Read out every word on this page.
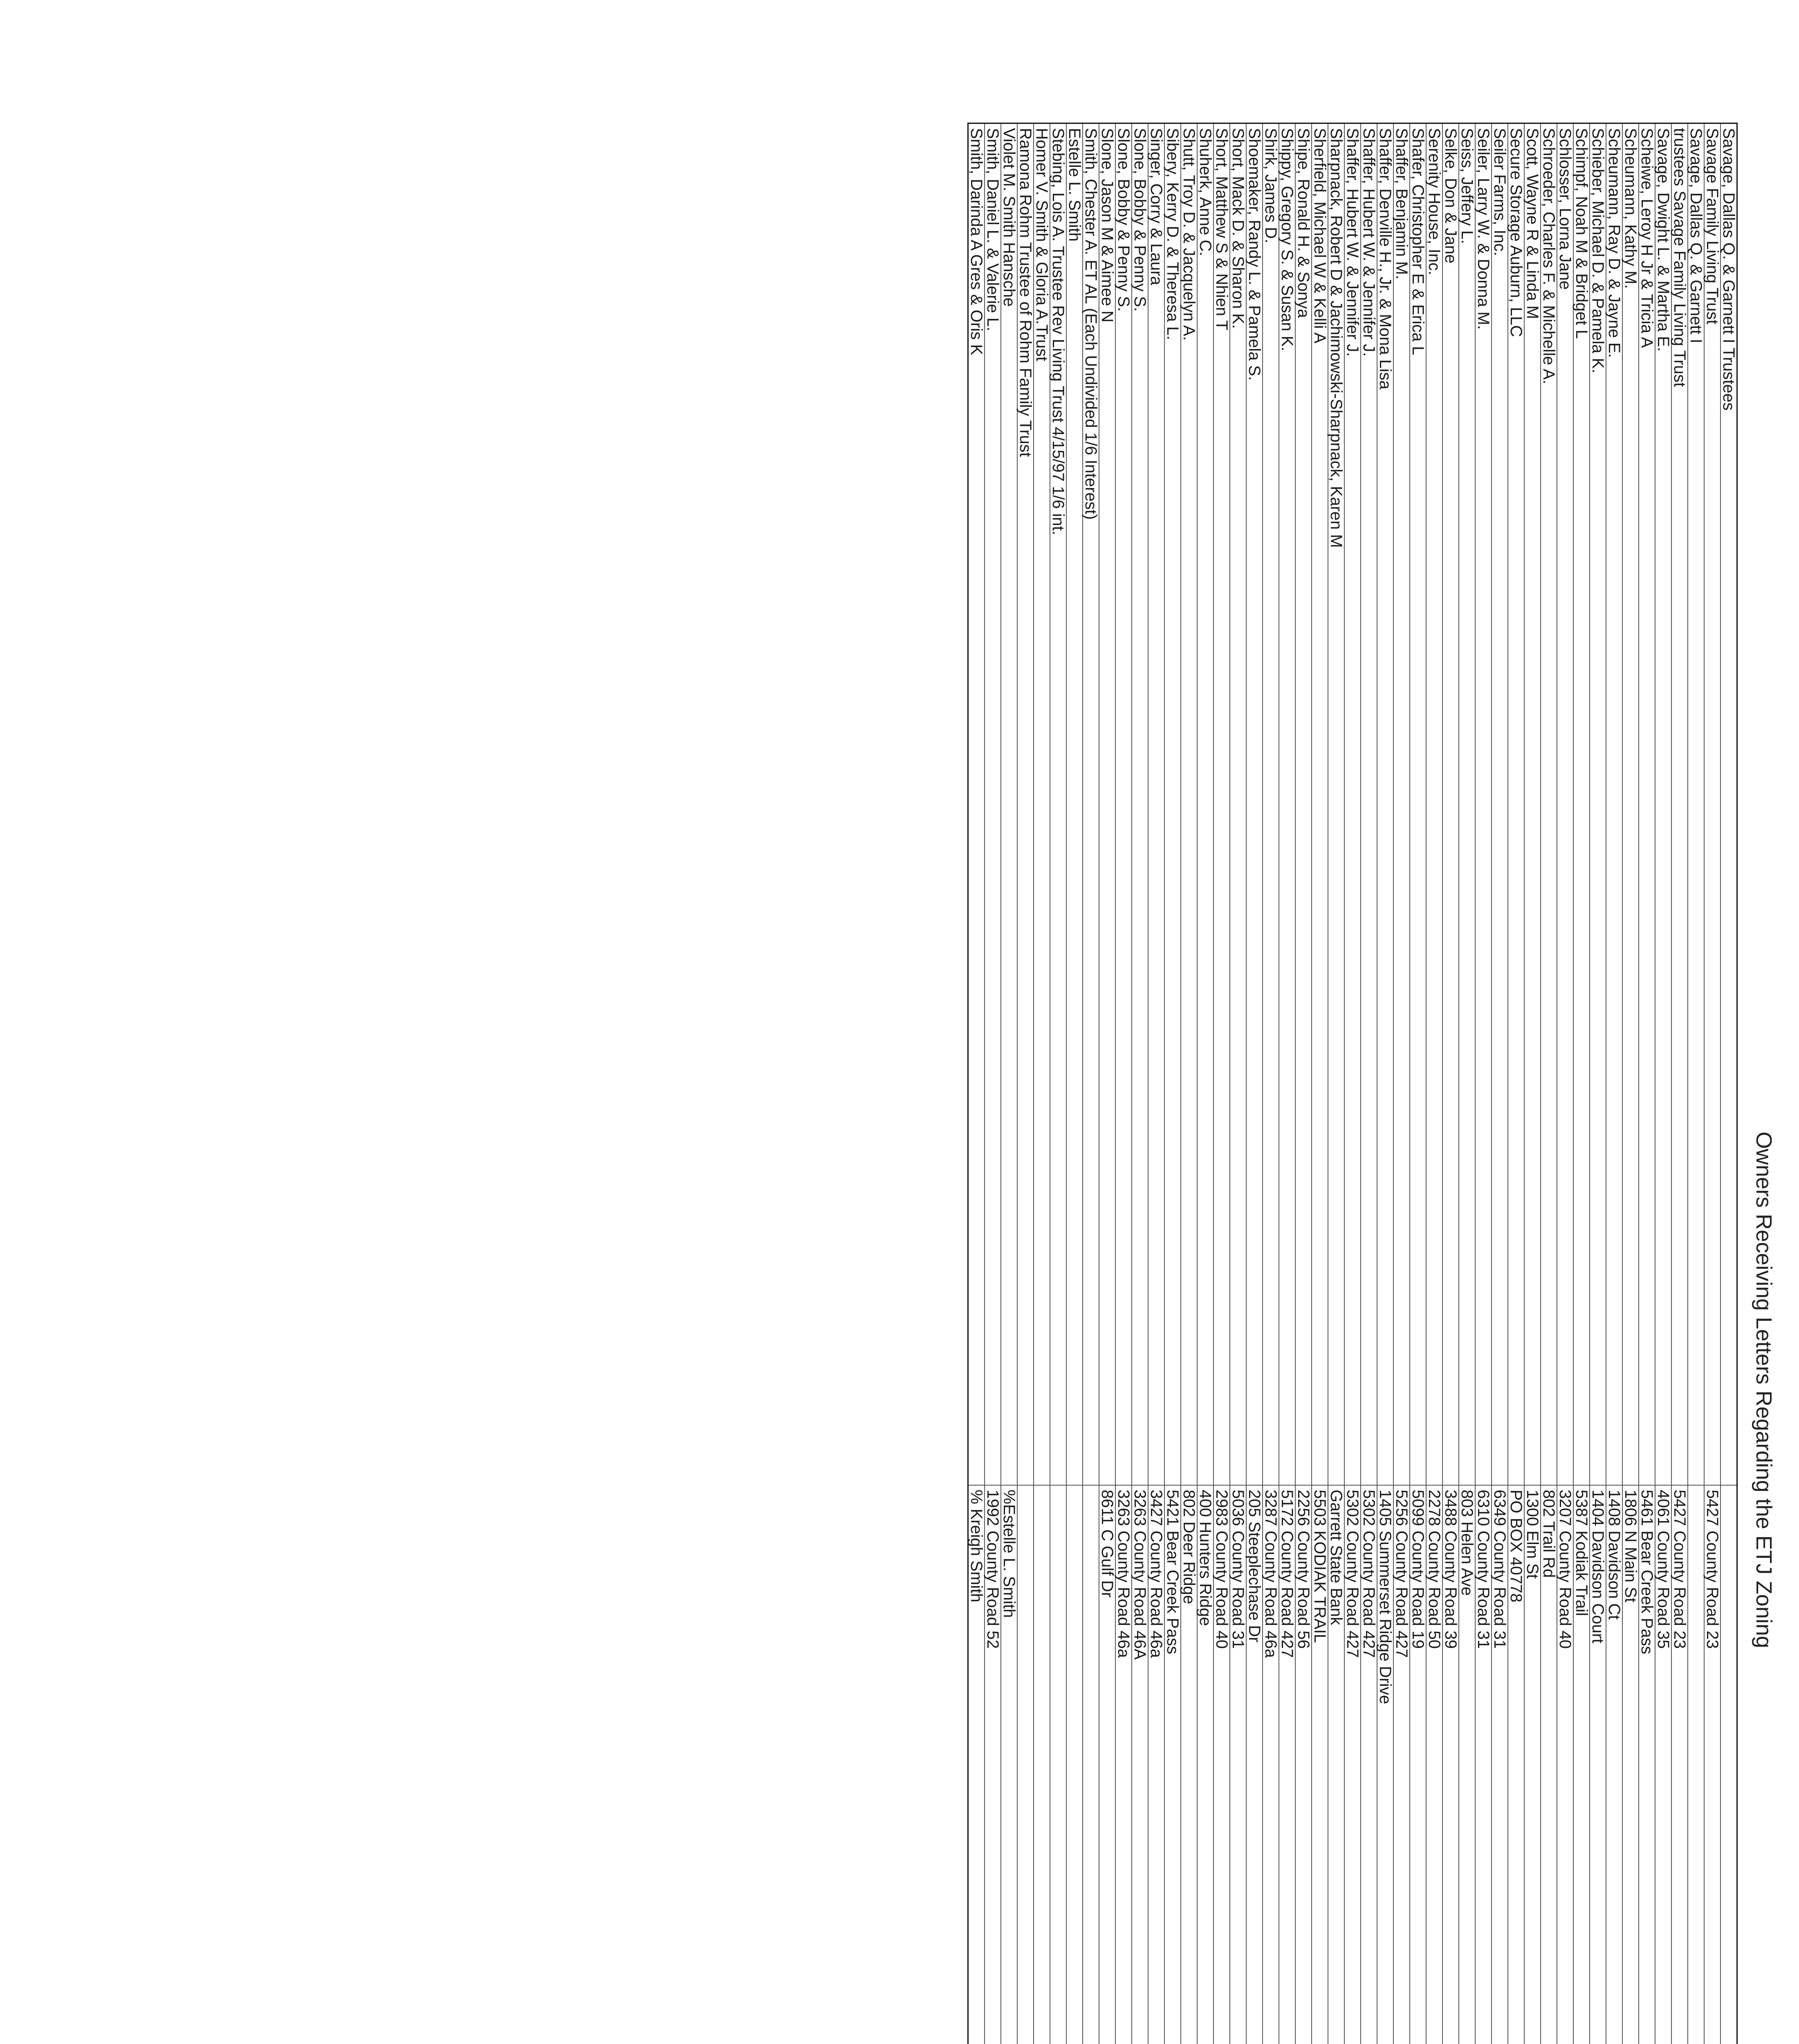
Owners Receiving Letters Regarding the ETJ Zoning
Savage, Dallas Q. & Garnett I Trustees					
Savage Family Living Trust	5427 County Road 23				
Savage, Dallas Q. & Garnett I					
trustees Savage Family Living Trust	5427 County Road 23				
Savage, Dwight L. & Martha E.	4061 County Road 35				
Scheiwe, Leroy H Jr & Tricia A	5461 Bear Creek Pass				
Scheumann, Kathy M.	1806 N Main St				
Scheumann, Ray D. & Jayne E.	1408 Davidson Ct				
Schieber, Michael D. & Pamela K.	1404 Davidson Court				
Schimpf, Noah M & Bridget L	5387 Kodiak Trail				
Schlosser, Lorna Jane	3207 County Road 40				
Schroeder, Charles F. & Michelle A.	802 Trail Rd				
Scott, Wayne R & Linda M	1300 Elm St				
Secure Storage Auburn, LLC	PO BOX 40778				
Seiler Farms, Inc.	6349 County Road 31				
Seiler, Larry W. & Donna M.	6310 County Road 31				
Seiss, Jeffery L.	803 Helen Ave				
Selke, Don & Jane	3488 County Road 39				
Serenity House, Inc.	2278 County Road 50				
Shafer, Christopher E & Erica L	5099 County Road 19				
Shaffer, Benjamin M.	5256 County Road 427				
Shaffer, Denville H., Jr. & Mona Lisa	1405 Summerset Ridge Drive				
Shaffer, Hubert W. & Jennifer J.	5302 County Road 427				
Shaffer, Hubert W. & Jennifer J.	5302 County Road 427				
Sharpnack, Robert D & Jachimowski-Sharpnack, Karen M	Garrett State Bank				
Sherfield, Michael W & Kelli A	5503 KODIAK TRAIL				
Shipe, Ronald H. & Sonya	2256 County Road 56				
Shippy, Gregory S. & Susan K.	5172 County Road 427				
Shirk, James D.	3287 County Road 46a				
Shoemaker, Randy L. & Pamela S.	205 Steeplechase Dr				
Short, Mack D. & Sharon K.	5036 County Road 31				
Short, Matthew S & Nhien T	2983 County Road 40				
Shuherk, Anne C.	400 Hunters Ridge				
Shutt, Troy D. & Jacquelyn A.	802 Deer Ridge				
Sibery, Kerry D. & Theresa L.	5421 Bear Creek Pass				
Singer, Corry & Laura	3427 County Road 46a				
Slone, Bobby & Penny S.	3263 County Road 46A				
Slone, Bobby & Penny S.	3263 County Road 46a				
Slone, Jason M & Aimee N	8611 C Gulf Dr				
Smith, Chester A. ET AL (Each Undivided 1/6 Interest)					
Estelle L. Smith					
Stebing, Lois A. Trustee Rev Living Trust 4/15/97 1/6 int.					
Homer V. Smith & Gloria A.Trust					
Ramona Rohm Trustee of Rohm Family Trust					
Violet M. Smith Hansche	%Estelle L. Smith				
Smith, Daniel L. & Valerie L.	1992 County Road 52				
Smith, Darinda A Gres & Oris K	% Kreigh Smith				
